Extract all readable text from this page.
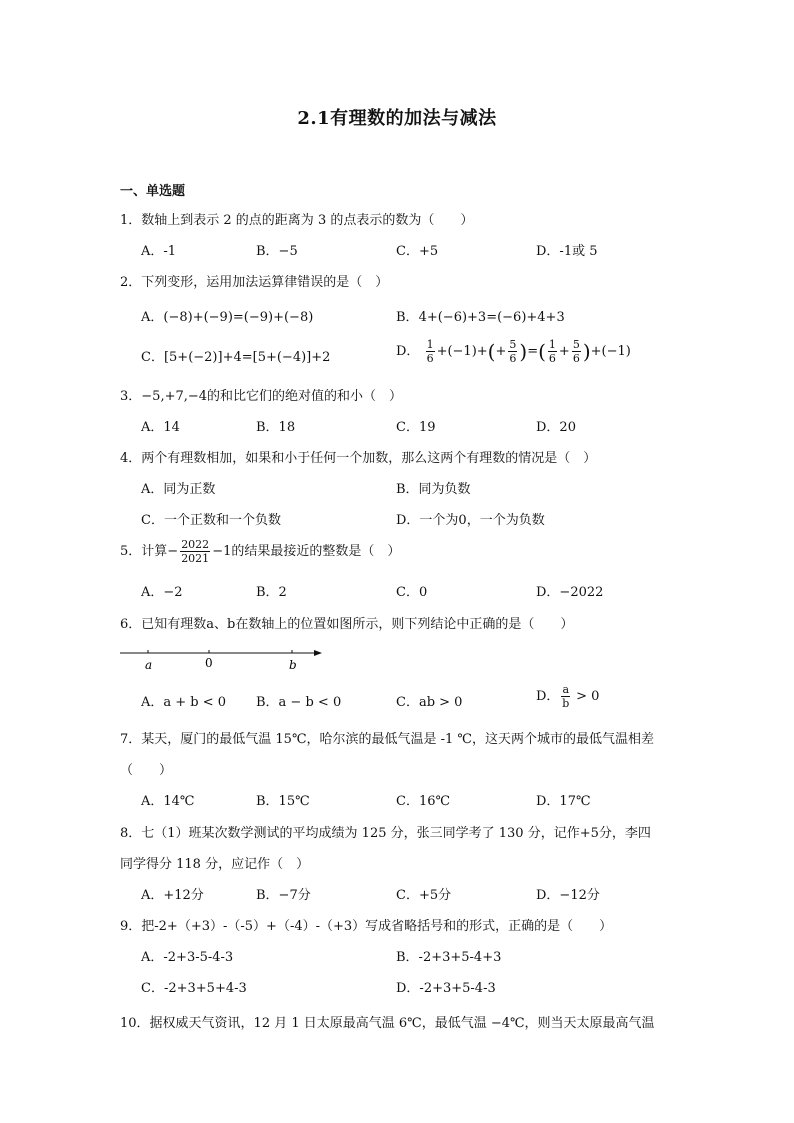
2.1有理数的加法与减法
一、单选题
1．数轴上到表示 2 的点的距离为 3 的点表示的数为（　　）
A．-1	B．−5	C．+5	D．-1或 5
2．下列变形，运用加法运算律错误的是（　）
A．(−8)+(−9)=(−9)+(−8)	B．4+(−6)+3=(−6)+4+3
C．[5+(−2)]+4=[5+(−4)]+2	D． $\frac{1}{6} +(-1)+(+ \frac{5}{6}$ )=( $\frac{1}{6} + \frac{5}{6} )+(-1)$
3．−5,+7,−4的和比它们的绝对值的和小（　）
A．14	B．18	C．19	D．20
4．两个有理数相加，如果和小于任何一个加数，那么这两个有理数的情况是（　）
A．同为正数	B．同为负数
C．一个正数和一个负数	D．一个为0，一个为负数
5．计算− $\frac{2022}{2021} -1$的结果最接近的整数是（　）
A．−2	B．2	C．0	D．−2022
6．已知有理数a、b在数轴上的位置如图所示，则下列结论中正确的是（　　）
a	0	b
A．a + b < 0 B．a − b < 0	C．ab > 0	D． $\frac{a}{b} > 0$
7．某天，厦门的最低气温 15℃，哈尔滨的最低气温是 -1 ℃，这天两个城市的最低气温相差
（　　）
A．14℃	B．15℃	C．16℃	D．17℃
8．七（1）班某次数学测试的平均成绩为 125 分，张三同学考了 130 分，记作+5分，李四
同学得分 118 分，应记作（　）
A．+12分	B．−7分	C．+5分	D．−12分
9．把-2+（+3）-（-5）+（-4）-（+3）写成省略括号和的形式，正确的是（　　）
A．-2+3-5-4-3	B．-2+3+5-4+3
C．-2+3+5+4-3	D．-2+3+5-4-3
10．据权威天气资讯，12 月 1 日太原最高气温 6℃，最低气温 −4℃，则当天太原最高气温
